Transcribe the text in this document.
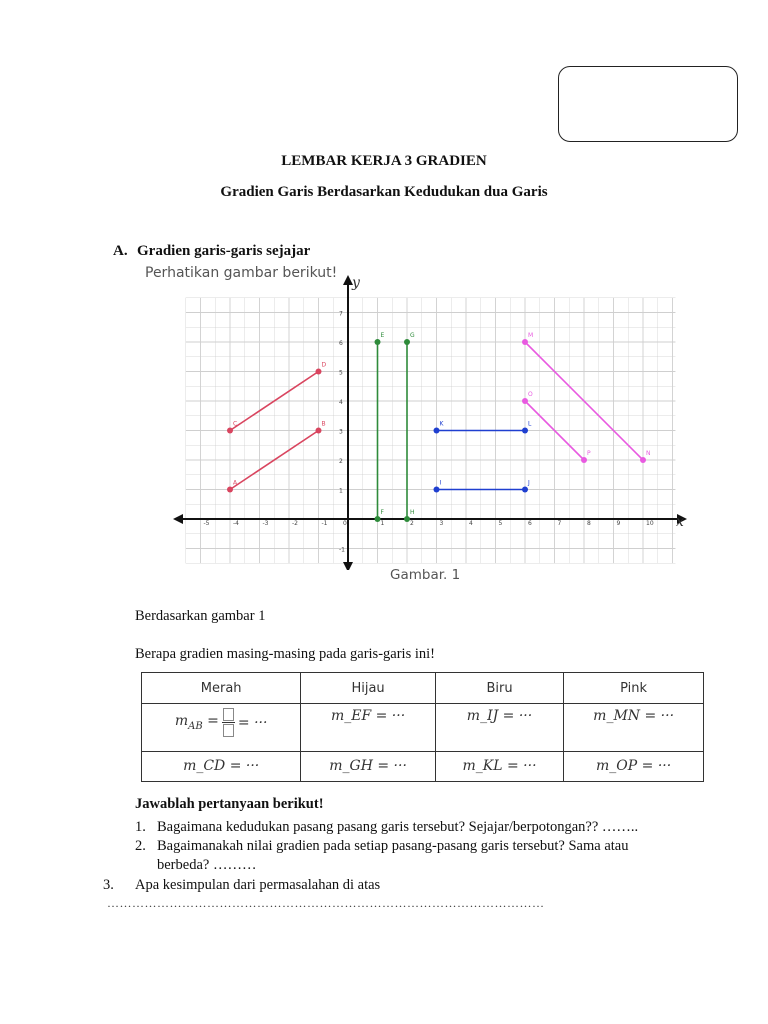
LEMBAR KERJA 3 GRADIEN
Gradien Garis Berdasarkan Kedudukan dua Garis
A. Gradien garis-garis sejajar
Perhatikan gambar berikut!
-5	-4	-3	-2	-1	0	1	2	3	4	5	6	7	8	9	10
-1
1
2
3
4
5
6
7
A
B
C
D
E
F
G
H
I	J
K	L
M
N
O
P
x
y
Gambar. 1
Berdasarkan gambar 1
Berapa gradien masing-masing pada garis-garis ini!
Merah	Hijau	Biru	Pink

$m_{AB}$ = = ···	m_EF = ···	m_IJ = ···	m_MN = ···
m_CD = ···	m_GH = ···	m_KL = ···	m_OP = ···
Jawablah pertanyaan berikut!
1. Bagaimana kedudukan pasang pasang garis tersebut? Sejajar/berpotongan?? ……..
2. Bagaimanakah nilai gradien pada setiap pasang-pasang garis tersebut? Sama atau
berbeda? ………
3. Apa kesimpulan dari permasalahan di atas
……………………………………………………………………………………………
